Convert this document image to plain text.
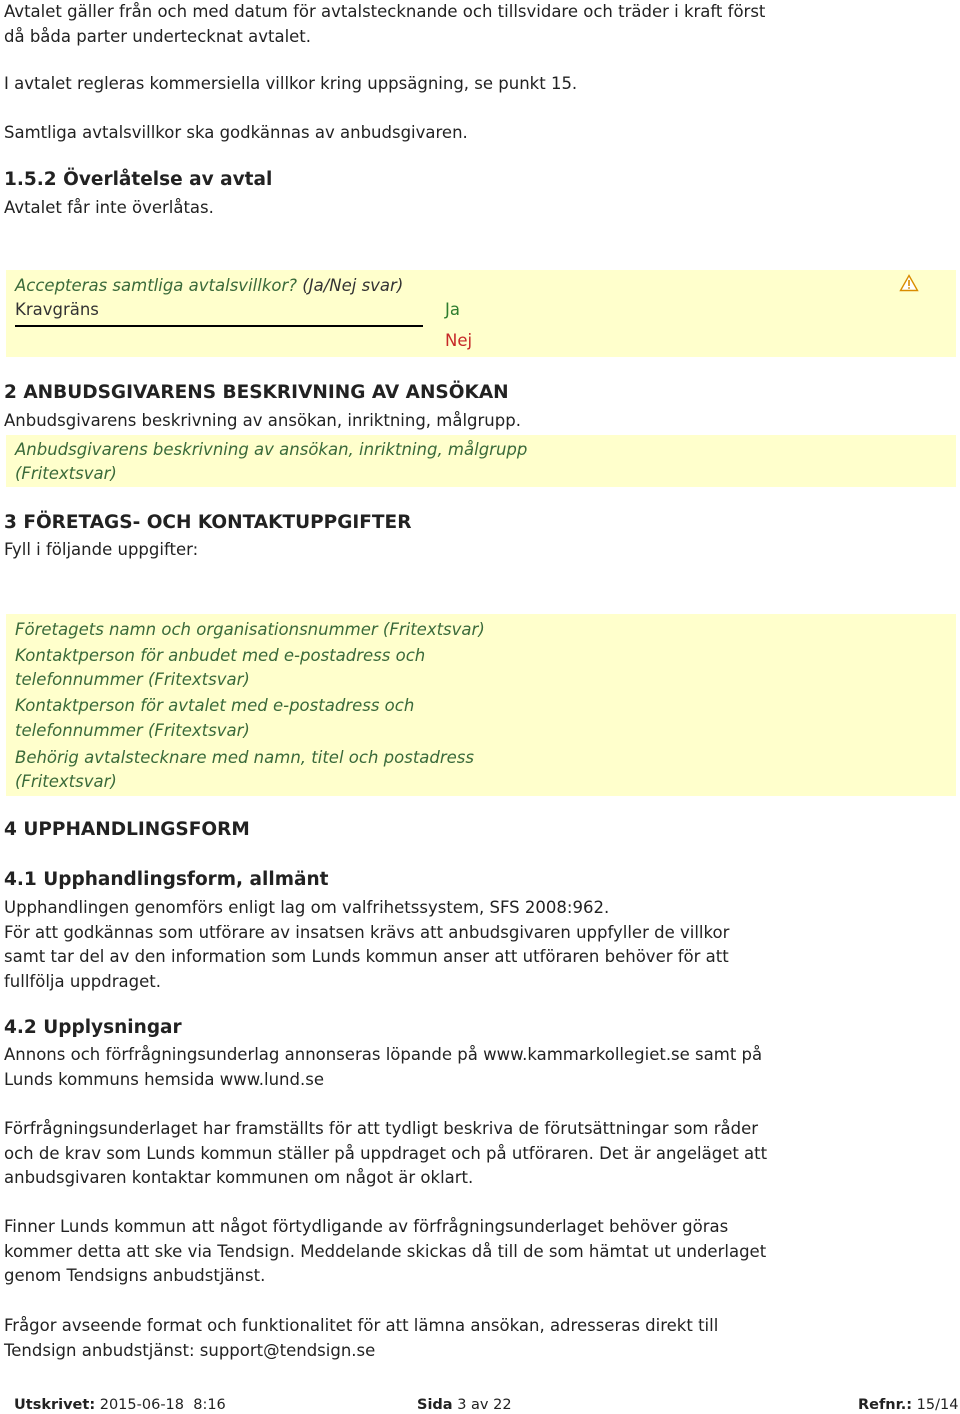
Avtalet gäller från och med datum för avtalstecknande och tillsvidare och träder i kraft först
då båda parter undertecknat avtalet.

I avtalet regleras kommersiella villkor kring uppsägning, se punkt 15.

Samtliga avtalsvillkor ska godkännas av anbudsgivaren.

1.5.2 Överlåtelse av avtal

Avtalet får inte överlåtas.

Accepteras samtliga avtalsvillkor? (Ja/Nej svar)
Kravgräns	Ja
Nej
2 ANBUDSGIVARENS BESKRIVNING AV ANSÖKAN

Anbudsgivarens beskrivning av ansökan, inriktning, målgrupp.

Anbudsgivarens beskrivning av ansökan, inriktning, målgrupp
(Fritextsvar)
3 FÖRETAGS- OCH KONTAKTUPPGIFTER

Fyll i följande uppgifter:

Företagets namn och organisationsnummer (Fritextsvar)
Kontaktperson för anbudet med e-postadress och
telefonnummer (Fritextsvar)
Kontaktperson för avtalet med e-postadress och
telefonnummer (Fritextsvar)
Behörig avtalstecknare med namn, titel och postadress
(Fritextsvar)
4 UPPHANDLINGSFORM
4.1 Upphandlingsform, allmänt

Upphandlingen genomförs enligt lag om valfrihetssystem, SFS 2008:962.
För att godkännas som utförare av insatsen krävs att anbudsgivaren uppfyller de villkor
samt tar del av den information som Lunds kommun anser att utföraren behöver för att
fullfölja uppdraget.

4.2 Upplysningar

Annons och förfrågningsunderlag annonseras löpande på www.kammarkollegiet.se samt på
Lunds kommuns hemsida www.lund.se

Förfrågningsunderlaget har framställts för att tydligt beskriva de förutsättningar som råder
och de krav som Lunds kommun ställer på uppdraget och på utföraren. Det är angeläget att
anbudsgivaren kontaktar kommunen om något är oklart.

Finner Lunds kommun att något förtydligande av förfrågningsunderlaget behöver göras
kommer detta att ske via Tendsign. Meddelande skickas då till de som hämtat ut underlaget
genom Tendsigns anbudstjänst.

Frågor avseende format och funktionalitet för att lämna ansökan, adresseras direkt till
Tendsign anbudstjänst: support@tendsign.se

Utskrivet: 2015-06-18  8:16	Sida 3 av 22	Refnr.: 15/14
